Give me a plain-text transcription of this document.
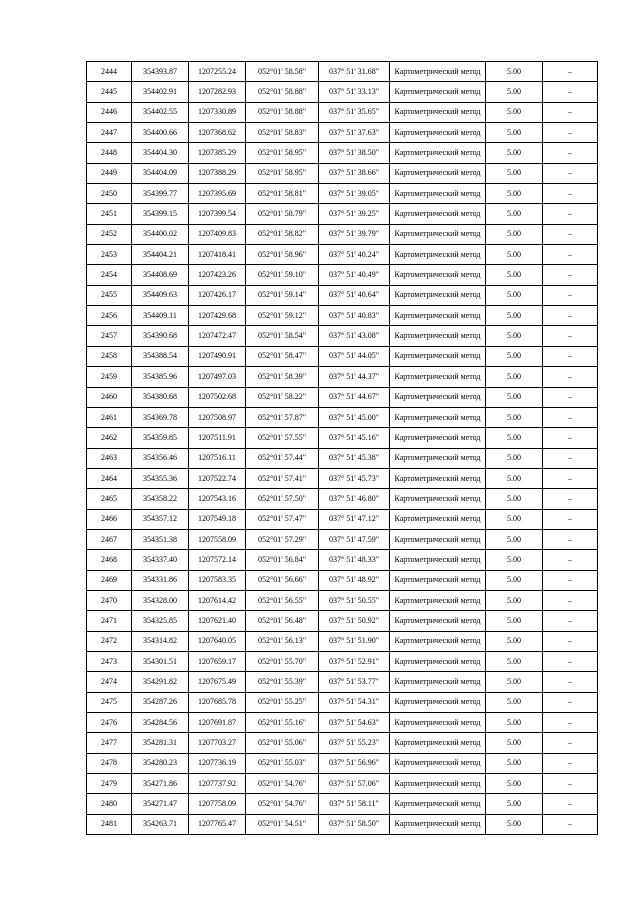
2444	354393.87	1207255.24	052°01' 58.58"	037° 51' 31.68"	Картометрический метод	5.00	–
2445	354402.91	1207282.93	052°01' 58.88"	037° 51' 33.13"	Картометрический метод	5.00	–
2446	354402.55	1207330.89	052°01' 58.88"	037° 51' 35.65"	Картометрический метод	5.00	–
2447	354400.66	1207368.62	052°01' 58.83"	037° 51' 37.63"	Картометрический метод	5.00	–
2448	354404.30	1207385.29	052°01' 58.95"	037° 51' 38.50"	Картометрический метод	5.00	–
2449	354404.09	1207388.29	052°01' 58.95"	037° 51' 38.66"	Картометрический метод	5.00	–
2450	354399.77	1207395.69	052°01' 58.81"	037° 51' 39.05"	Картометрический метод	5.00	–
2451	354399.15	1207399.54	052°01' 58.79"	037° 51' 39.25"	Картометрический метод	5.00	–
2452	354400.02	1207409.83	052°01' 58.82"	037° 51' 39.79"	Картометрический метод	5.00	–
2453	354404.21	1207418.41	052°01' 58.96"	037° 51' 40.24"	Картометрический метод	5.00	–
2454	354408.69	1207423.26	052°01' 59.10"	037° 51' 40.49"	Картометрический метод	5.00	–
2455	354409.63	1207426.17	052°01' 59.14"	037° 51' 40.64"	Картометрический метод	5.00	–
2456	354409.11	1207429.68	052°01' 59.12"	037° 51' 40.83"	Картометрический метод	5.00	–
2457	354390.68	1207472.47	052°01' 58.54"	037° 51' 43.08"	Картометрический метод	5.00	–
2458	354388.54	1207490.91	052°01' 58.47"	037° 51' 44.05"	Картометрический метод	5.00	–
2459	354385.96	1207497.03	052°01' 58.39"	037° 51' 44.37"	Картометрический метод	5.00	–
2460	354380.68	1207502.68	052°01' 58.22"	037° 51' 44.67"	Картометрический метод	5.00	–
2461	354369.78	1207508.97	052°01' 57.87"	037° 51' 45.00"	Картометрический метод	5.00	–
2462	354359.85	1207511.91	052°01' 57.55"	037° 51' 45.16"	Картометрический метод	5.00	–
2463	354356.46	1207516.11	052°01' 57.44"	037° 51' 45.38"	Картометрический метод	5.00	–
2464	354355.36	1207522.74	052°01' 57.41"	037° 51' 45.73"	Картометрический метод	5.00	–
2465	354358.22	1207543.16	052°01' 57.50"	037° 51' 46.80"	Картометрический метод	5.00	–
2466	354357.12	1207549.18	052°01' 57.47"	037° 51' 47.12"	Картометрический метод	5.00	–
2467	354351.38	1207558.09	052°01' 57.29"	037° 51' 47.59"	Картометрический метод	5.00	–
2468	354337.40	1207572.14	052°01' 56.84"	037° 51' 48.33"	Картометрический метод	5.00	–
2469	354331.86	1207583.35	052°01' 56.66"	037° 51' 48.92"	Картометрический метод	5.00	–
2470	354328.00	1207614.42	052°01' 56.55"	037° 51' 50.55"	Картометрический метод	5.00	–
2471	354325.85	1207621.40	052°01' 56.48"	037° 51' 50.92"	Картометрический метод	5.00	–
2472	354314.82	1207640.05	052°01' 56.13"	037° 51' 51.90"	Картометрический метод	5.00	–
2473	354301.51	1207659.17	052°01' 55.70"	037° 51' 52.91"	Картометрический метод	5.00	–
2474	354291.82	1207675.49	052°01' 55.39"	037° 51' 53.77"	Картометрический метод	5.00	–
2475	354287.26	1207685.78	052°01' 55.25"	037° 51' 54.31"	Картометрический метод	5.00	–
2476	354284.56	1207691.87	052°01' 55.16"	037° 51' 54.63"	Картометрический метод	5.00	–
2477	354281.31	1207703.27	052°01' 55.06"	037° 51' 55.23"	Картометрический метод	5.00	–
2478	354280.23	1207736.19	052°01' 55.03"	037° 51' 56.96"	Картометрический метод	5.00	–
2479	354271.86	1207737.92	052°01' 54.76"	037° 51' 57.06"	Картометрический метод	5.00	–
2480	354271.47	1207758.09	052°01' 54.76"	037° 51' 58.11"	Картометрический метод	5.00	–
2481	354263.71	1207765.47	052°01' 54.51"	037° 51' 58.50"	Картометрический метод	5.00	–
